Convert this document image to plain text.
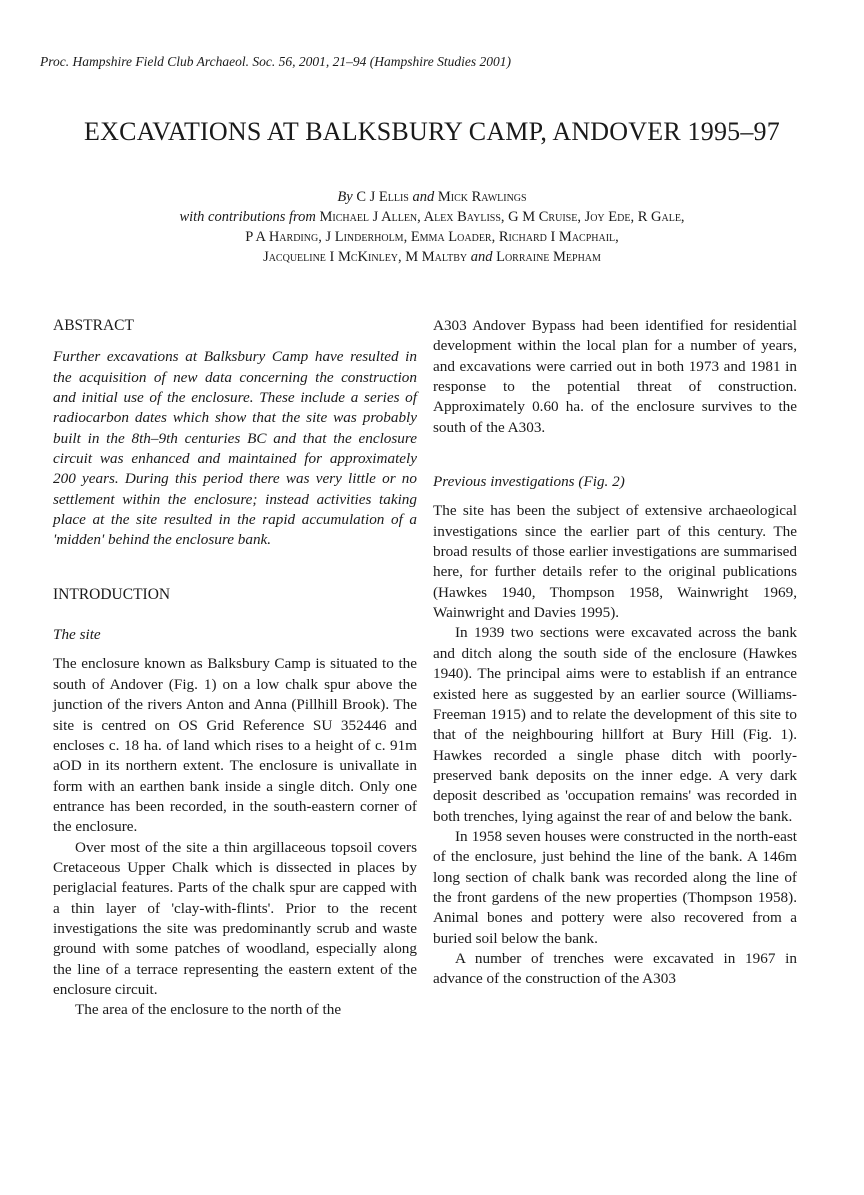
Proc. Hampshire Field Club Archaeol. Soc. 56, 2001, 21–94 (Hampshire Studies 2001)
EXCAVATIONS AT BALKSBURY CAMP, ANDOVER 1995–97
By C J Ellis and Mick Rawlings
with contributions from Michael J Allen, Alex Bayliss, G M Cruise, Joy Ede, R Gale,
P A Harding, J Linderholm, Emma Loader, Richard I Macphail,
Jacqueline I McKinley, M Maltby and Lorraine Mepham
ABSTRACT

Further excavations at Balksbury Camp have resulted in the acquisition of new data concerning the construction and initial use of the enclosure. These include a series of radiocarbon dates which show that the site was probably built in the 8th–9th centuries BC and that the enclosure circuit was enhanced and maintained for approximately 200 years. During this period there was very little or no settlement within the enclosure; instead activities taking place at the site resulted in the rapid accumulation of a 'midden' behind the enclosure bank.

INTRODUCTION
The site

The enclosure known as Balksbury Camp is situated to the south of Andover (Fig. 1) on a low chalk spur above the junction of the rivers Anton and Anna (Pillhill Brook). The site is centred on OS Grid Reference SU 352446 and encloses c. 18 ha. of land which rises to a height of c. 91m aOD in its northern extent. The enclosure is univallate in form with an earthen bank inside a single ditch. Only one entrance has been recorded, in the south-eastern corner of the enclosure.

Over most of the site a thin argillaceous topsoil covers Cretaceous Upper Chalk which is dissected in places by periglacial features. Parts of the chalk spur are capped with a thin layer of 'clay-with-flints'. Prior to the recent investigations the site was predominantly scrub and waste ground with some patches of woodland, especially along the line of a terrace representing the eastern extent of the enclosure circuit.

The area of the enclosure to the north of the

A303 Andover Bypass had been identified for residential development within the local plan for a number of years, and excavations were carried out in both 1973 and 1981 in response to the potential threat of construction. Approximately 0.60 ha. of the enclosure survives to the south of the A303.

Previous investigations (Fig. 2)

The site has been the subject of extensive archaeological investigations since the earlier part of this century. The broad results of those earlier investigations are summarised here, for further details refer to the original publications (Hawkes 1940, Thompson 1958, Wainwright 1969, Wainwright and Davies 1995).

In 1939 two sections were excavated across the bank and ditch along the south side of the enclosure (Hawkes 1940). The principal aims were to establish if an entrance existed here as suggested by an earlier source (Williams-Freeman 1915) and to relate the development of this site to that of the neighbouring hillfort at Bury Hill (Fig. 1). Hawkes recorded a single phase ditch with poorly-preserved bank deposits on the inner edge. A very dark deposit described as 'occupation remains' was recorded in both trenches, lying against the rear of and below the bank.

In 1958 seven houses were constructed in the north-east of the enclosure, just behind the line of the bank. A 146m long section of chalk bank was recorded along the line of the front gardens of the new properties (Thompson 1958). Animal bones and pottery were also recovered from a buried soil below the bank.

A number of trenches were excavated in 1967 in advance of the construction of the A303
